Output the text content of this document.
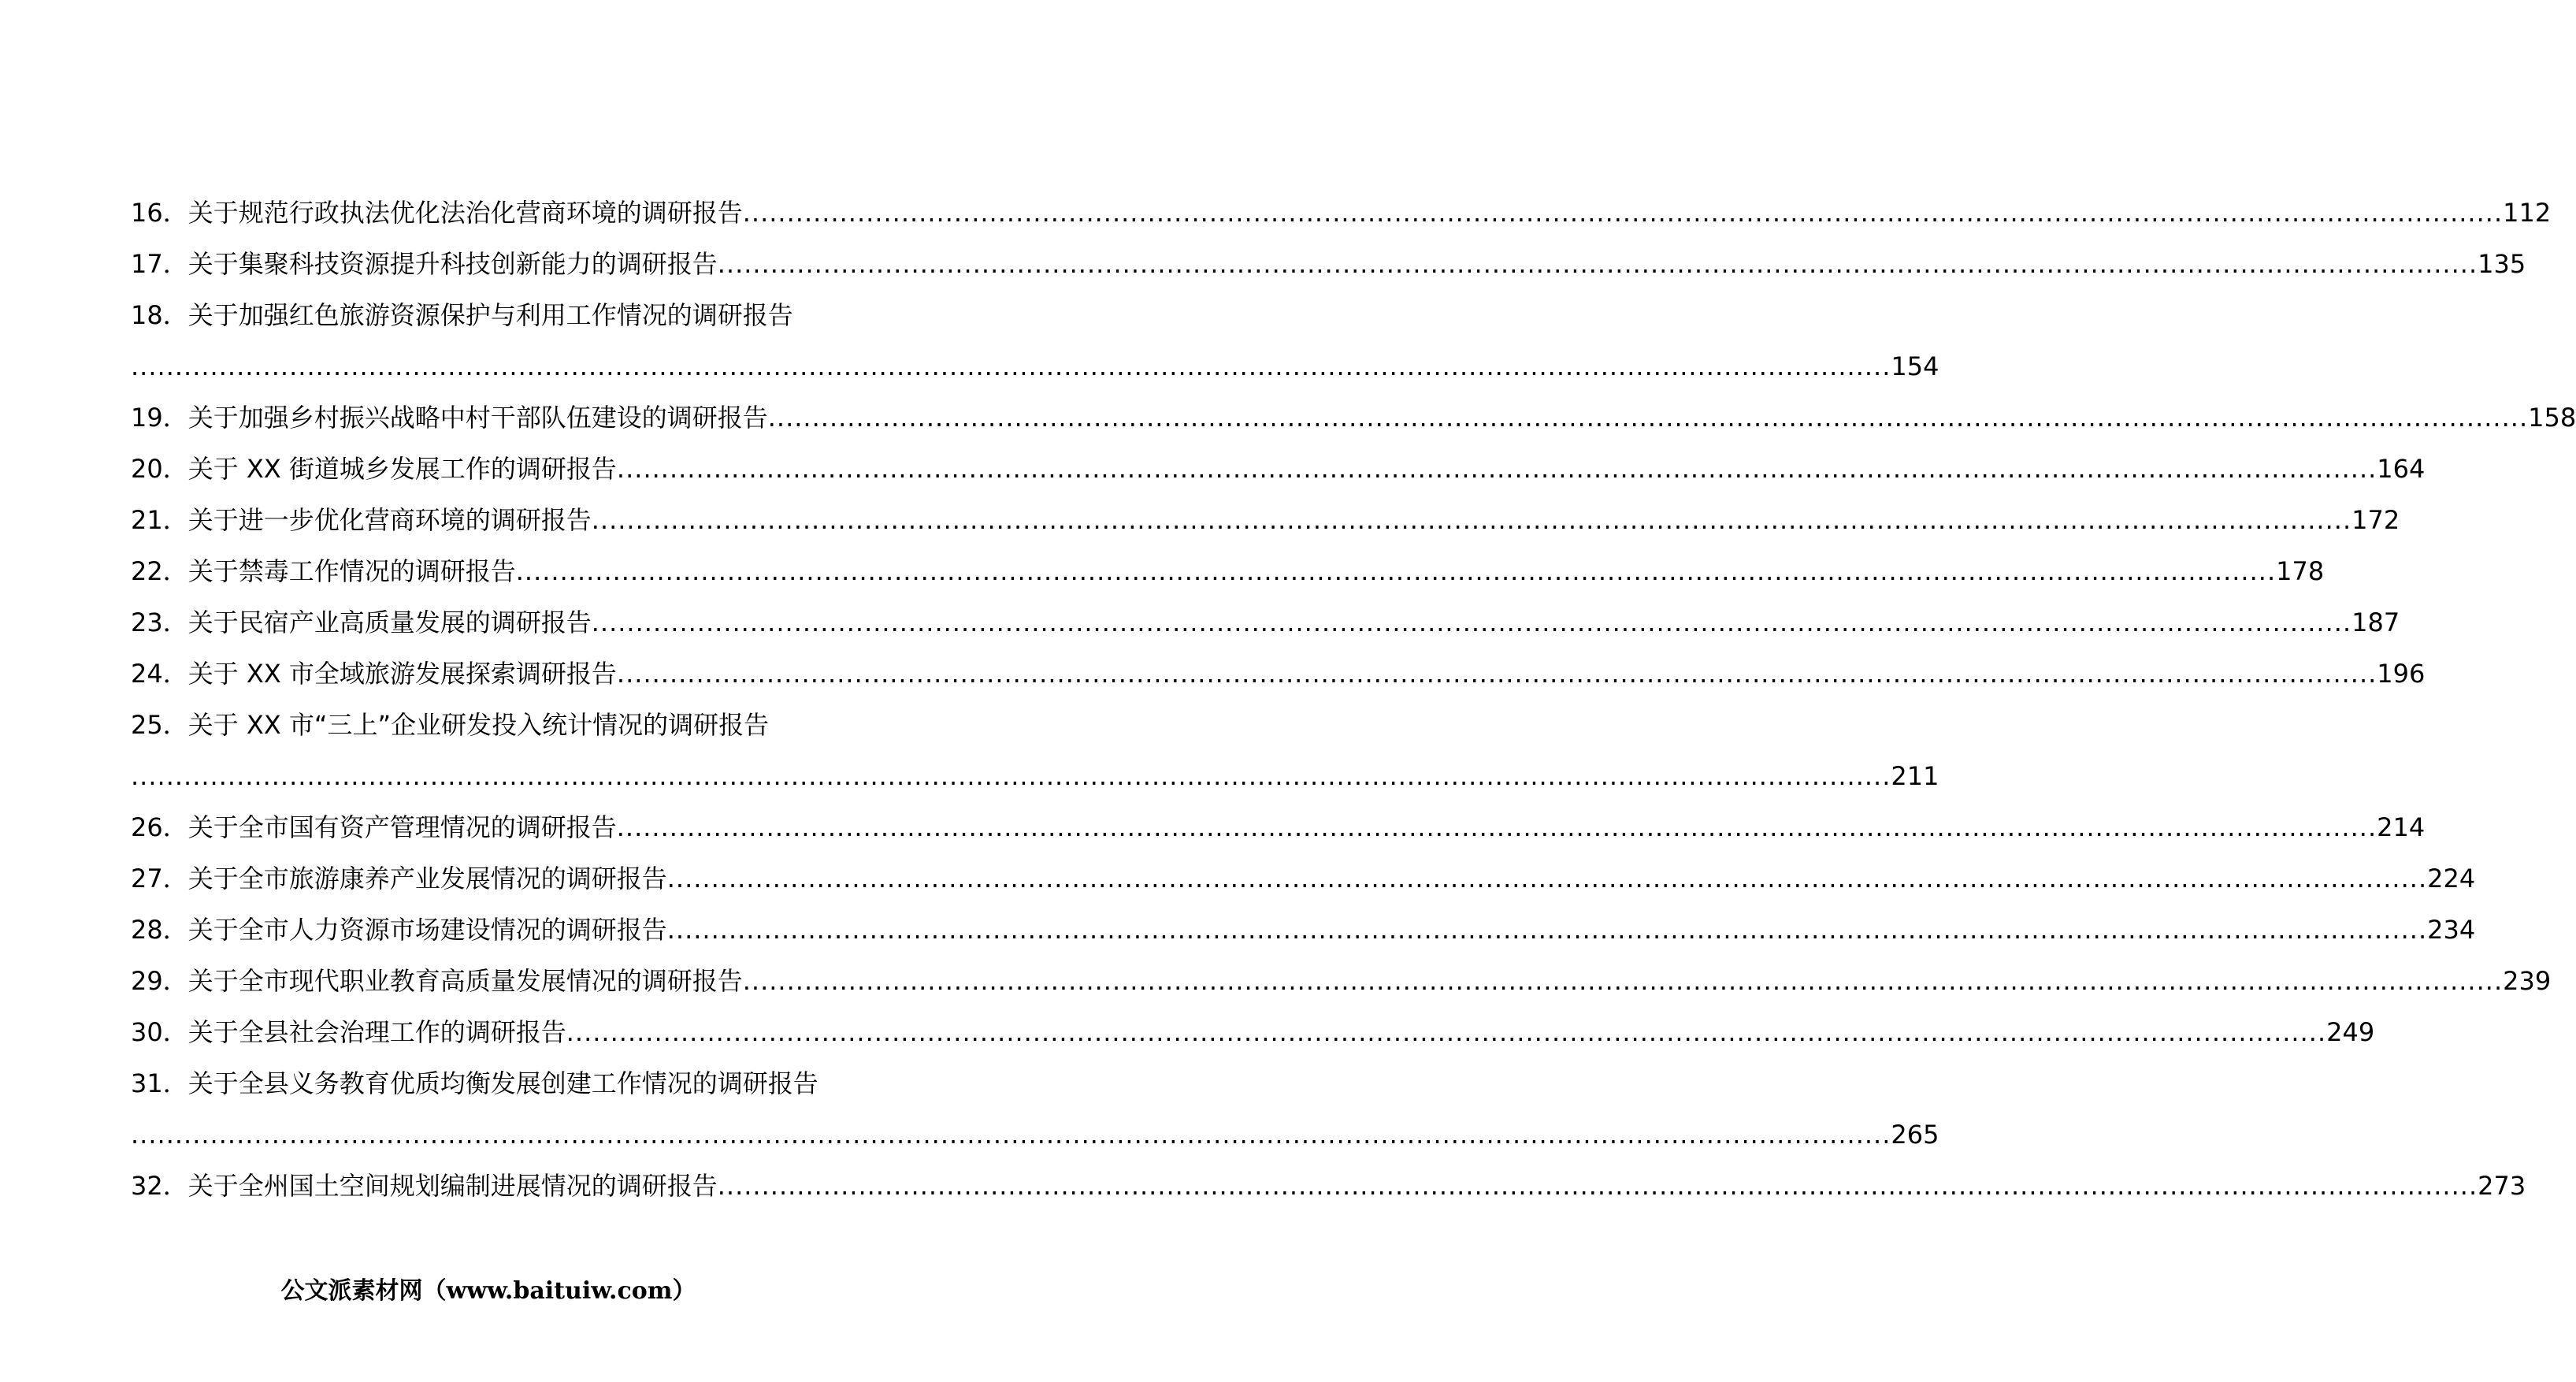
16．关于规范行政执法优化法治化营商环境的调研报告 ........................................................................................................................................................................................................ 112
17．关于集聚科技资源提升科技创新能力的调研报告 ........................................................................................................................................................................................................ 135
18．关于加强红色旅游资源保护与利用工作情况的调研报告
........................................................................................................................................................................................................ 154
19．关于加强乡村振兴战略中村干部队伍建设的调研报告 ........................................................................................................................................................................................................ 158
20．关于 XX 街道城乡发展工作的调研报告 ........................................................................................................................................................................................................ 164
21．关于进一步优化营商环境的调研报告 ........................................................................................................................................................................................................ 172
22．关于禁毒工作情况的调研报告 ........................................................................................................................................................................................................ 178
23．关于民宿产业高质量发展的调研报告 ........................................................................................................................................................................................................ 187
24．关于 XX 市全域旅游发展探索调研报告 ........................................................................................................................................................................................................ 196
25．关于 XX 市“三上”企业研发投入统计情况的调研报告
........................................................................................................................................................................................................ 211
26．关于全市国有资产管理情况的调研报告 ........................................................................................................................................................................................................ 214
27．关于全市旅游康养产业发展情况的调研报告 ........................................................................................................................................................................................................ 224
28．关于全市人力资源市场建设情况的调研报告 ........................................................................................................................................................................................................ 234
29．关于全市现代职业教育高质量发展情况的调研报告 ........................................................................................................................................................................................................ 239
30．关于全县社会治理工作的调研报告 ........................................................................................................................................................................................................ 249
31．关于全县义务教育优质均衡发展创建工作情况的调研报告
........................................................................................................................................................................................................ 265
32．关于全州国土空间规划编制进展情况的调研报告 ........................................................................................................................................................................................................ 273
公文派素材网（www.baituiw.com）
